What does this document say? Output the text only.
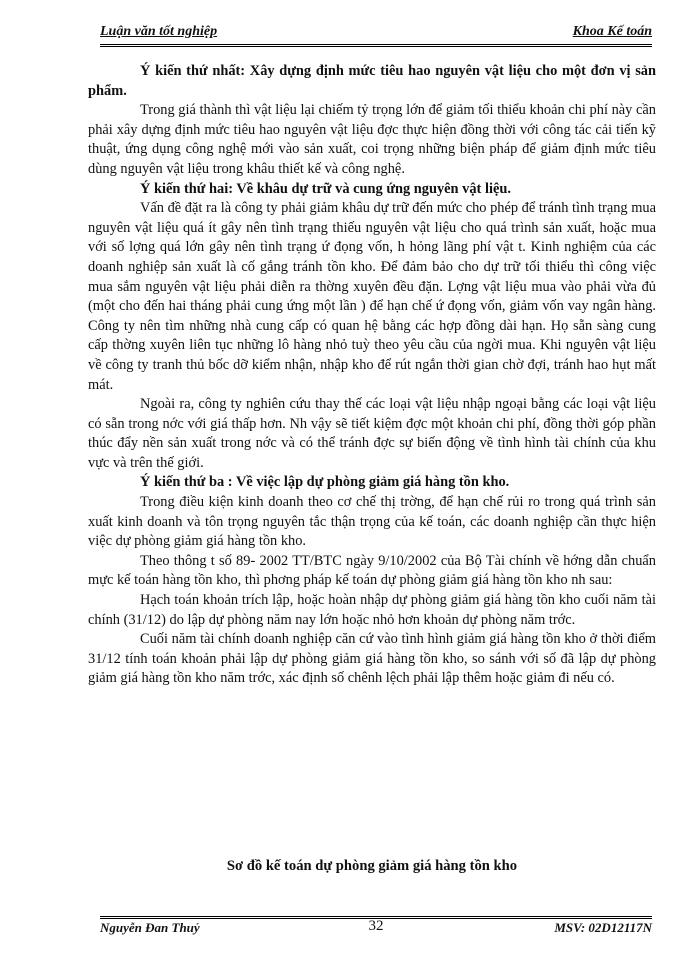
Luận văn tốt nghiệp	Khoa Kế toán

Ý kiến thứ nhất: Xây dựng định mức tiêu hao nguyên vật liệu cho một đơn vị sản phẩm.

Trong giá thành thì vật liệu lại chiếm tỷ trọng lớn để giảm tối thiểu khoản chi phí này cần phải xây dựng định mức tiêu hao nguyên vật liệu đợc thực hiện đồng thời với công tác cải tiến kỹ thuật, ứng dụng công nghệ mới vào sản xuất, coi trọng những biện pháp để giảm định mức tiêu dùng nguyên vật liệu trong khâu thiết kế và công nghệ.

Ý kiến thứ hai: Về khâu dự trữ và cung ứng nguyên vật liệu.

Vấn đề đặt ra là công ty phải giảm khâu dự trữ đến mức cho phép để tránh tình trạng mua nguyên vật liệu quá ít gây nên tình trạng thiếu nguyên vật liệu cho quá trình sản xuất, hoặc mua với số lợng quá lớn gây nên tình trạng ứ đọng vốn, h hỏng lãng phí vật t. Kinh nghiệm của các doanh nghiệp sản xuất là cố gắng tránh tồn kho. Để đảm bảo cho dự trữ tối thiểu thì công việc mua sắm nguyên vật liệu phải diễn ra thờng xuyên đều đặn. Lợng vật liệu mua vào phải vừa đủ (một cho đến hai tháng phải cung ứng một lần ) để hạn chế ứ đọng vốn, giảm vốn vay ngân hàng. Công ty nên tìm những nhà cung cấp có quan hệ bằng các hợp đồng dài hạn. Họ sẵn sàng cung cấp thờng xuyên liên tục những lô hàng nhỏ tuỳ theo yêu cầu của ngời mua. Khi nguyên vật liệu về công ty tranh thủ bốc dỡ kiểm nhận, nhập kho để rút ngắn thời gian chờ đợi, tránh hao hụt mất mát.

Ngoài ra, công ty nghiên cứu thay thế các loại vật liệu nhập ngoại bằng các loại vật liệu có sẵn trong nớc với giá thấp hơn. Nh vậy sẽ tiết kiệm đợc một khoản chi phí, đồng thời góp phần thúc đẩy nền sản xuất trong nớc và có thể tránh đợc sự biến động về tình hình tài chính của khu vực và trên thế giới.

Ý kiến thứ ba : Về việc lập dự phòng giảm giá hàng tồn kho.

Trong điều kiện kinh doanh theo cơ chế thị trờng, để hạn chế rủi ro trong quá trình sản xuất kinh doanh và tôn trọng nguyên tắc thận trọng của kế toán, các doanh nghiệp cần thực hiện việc dự phòng giảm giá hàng tồn kho.

Theo thông t số 89- 2002 TT/BTC ngày 9/10/2002 của Bộ Tài chính về hớng dẫn chuẩn mực kế toán hàng tồn kho, thì phơng pháp kế toán dự phòng giảm giá hàng tồn kho nh sau:

Hạch toán khoản trích lập, hoặc hoàn nhập dự phòng giảm giá hàng tồn kho cuối năm tài chính (31/12) do lập dự phòng năm nay lớn hoặc nhỏ hơn khoản dự phòng năm trớc.

Cuối năm tài chính doanh nghiệp căn cứ vào tình hình giảm giá hàng tồn kho ở thời điểm 31/12 tính toán khoản phải lập dự phòng giảm giá hàng tồn kho, so sánh với số đã lập dự phòng giảm giá hàng tồn kho năm trớc, xác định số chênh lệch phải lập thêm hoặc giảm đi nếu có.

Sơ đồ kế toán dự phòng giảm giá hàng tồn kho
Nguyễn Đan Thuỷ	32	MSV: 02D12117N
